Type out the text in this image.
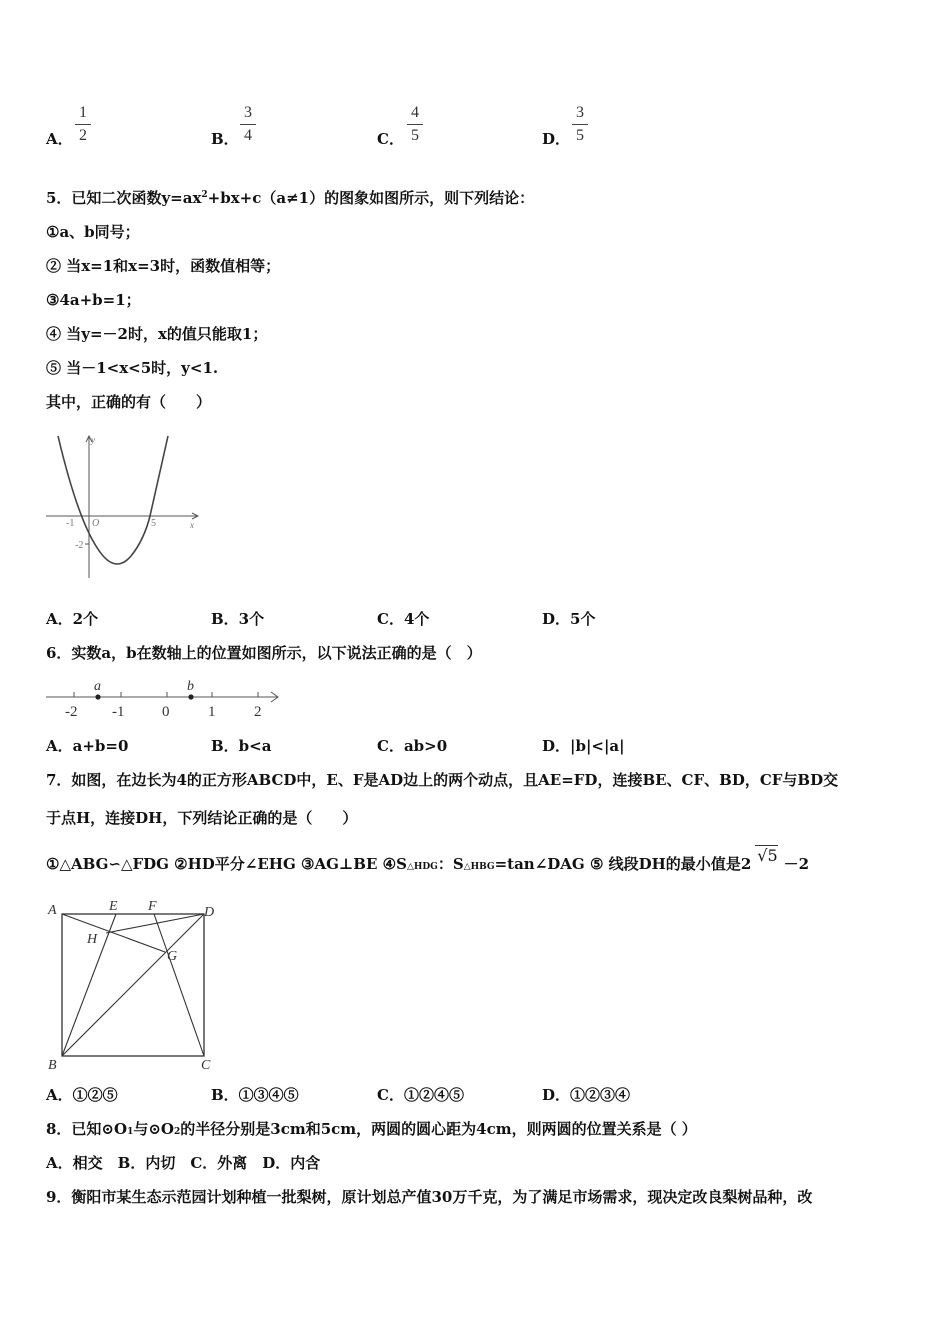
A．
1
2	B．
3
4	C．
4
5	D．
3
5
5．已知二次函数$y=ax^2+bx+c(a\ne 1)$的图象如图所示，则下列结论：
①a、b同号；
② 当x=1和x=3时，函数值相等；
③4a+b=1；
④ 当y=－2时，x的值只能取1；
⑤ 当－1<x<5时，y<1.
其中，正确的有（　　）
y
x
O
-1	5
-2
A．2个	B．3个	C．4个	D．5个
6．实数a，b在数轴上的位置如图所示，以下说法正确的是（　）
a	b
-2 -1	0	1	2
A．a+b=0	B．b<a	C．ab>0	D．|b|<|a|
7．如图，在边长为4的正方形ABCD中，E、F是AD边上的两个动点，且AE=FD，连接BE、CF、BD，CF与BD交
于点H，连接DH，下列结论正确的是（　　）
①△ABG∽△FDG ②HD平分∠EHG ③AG⊥BE ④S△HDG：S△HBG=tan∠DAG ⑤ 线段DH的最小值是2 √5 －2
A	E F	D
H
G
B	C
A．①②⑤	B．①③④⑤	C．①②④⑤	D．①②③④
8．已知⊙O1与⊙O2的半径分别是3cm和5cm，两圆的圆心距为4cm，则两圆的位置关系是（ ）
A．相交　B．内切　C．外离　D．内含
9．衡阳市某生态示范园计划种植一批梨树，原计划总产值30万千克，为了满足市场需求，现决定改良梨树品种，改
